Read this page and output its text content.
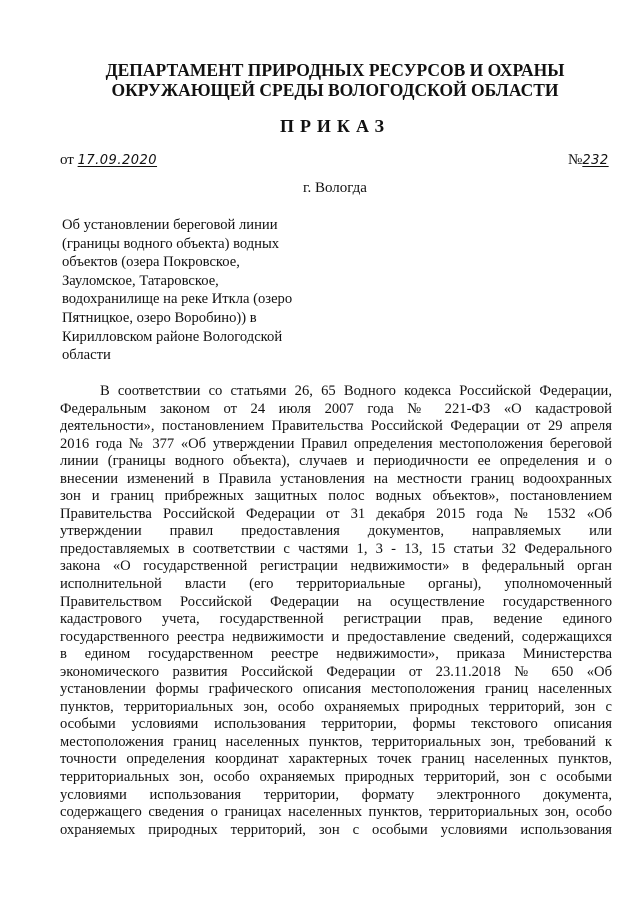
ДЕПАРТАМЕНТ ПРИРОДНЫХ РЕСУРСОВ И ОХРАНЫ
ОКРУЖАЮЩЕЙ СРЕДЫ ВОЛОГОДСКОЙ ОБЛАСТИ
ПРИКАЗ
от 17.09.2020	№232
г. Вологда
Об установлении береговой линии
(границы водного объекта) водных
объектов (озера Покровское,
Зауломское, Татаровское,
водохранилище на реке Иткла (озеро
Пятницкое, озеро Воробино)) в
Кирилловском районе Вологодской
области
В соответствии со статьями 26, 65 Водного кодекса Российской Федерации,
Федеральным законом от 24 июля 2007 года № 221-ФЗ «О кадастровой
деятельности», постановлением Правительства Российской Федерации от 29 апреля
2016 года № 377 «Об утверждении Правил определения местоположения береговой
линии (границы водного объекта), случаев и периодичности ее определения и о
внесении изменений в Правила установления на местности границ водоохранных
зон и границ прибрежных защитных полос водных объектов», постановлением
Правительства Российской Федерации от 31 декабря 2015 года № 1532 «Об
утверждении правил предоставления документов, направляемых или
предоставляемых в соответствии с частями 1, 3 - 13, 15 статьи 32 Федерального
закона «О государственной регистрации недвижимости» в федеральный орган
исполнительной власти (его территориальные органы), уполномоченный
Правительством Российской Федерации на осуществление государственного
кадастрового учета, государственной регистрации прав, ведение единого
государственного реестра недвижимости и предоставление сведений, содержащихся
в едином государственном реестре недвижимости», приказа Министерства
экономического развития Российской Федерации от 23.11.2018 № 650 «Об
установлении формы графического описания местоположения границ населенных
пунктов, территориальных зон, особо охраняемых природных территорий, зон с
особыми условиями использования территории, формы текстового описания
местоположения границ населенных пунктов, территориальных зон, требований к
точности определения координат характерных точек границ населенных пунктов,
территориальных зон, особо охраняемых природных территорий, зон с особыми
условиями использования территории, формату электронного документа,
содержащего сведения о границах населенных пунктов, территориальных зон, особо
охраняемых природных территорий, зон с особыми условиями использования
